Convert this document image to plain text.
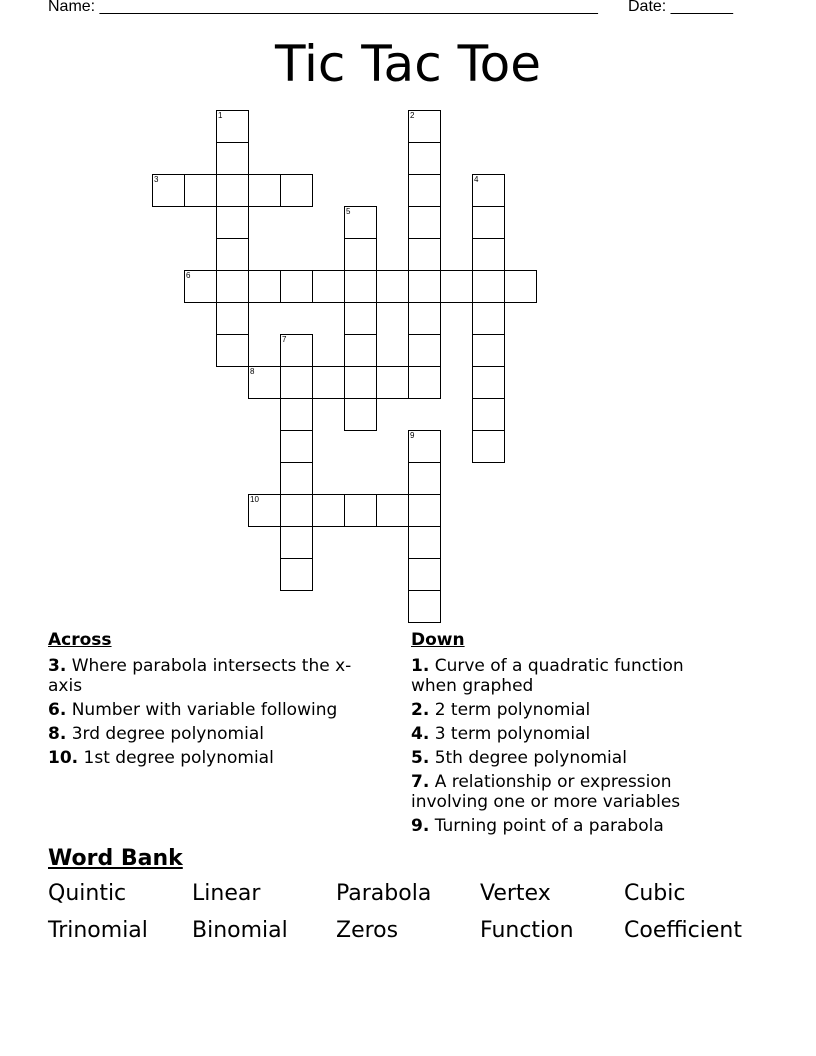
Name: ________________________________________________________ Date: _______
Tic Tac Toe
1	2
3	4
5
6
7
8
9
10
Across
3. Where parabola intersects the x-axis
6. Number with variable following
8. 3rd degree polynomial
10. 1st degree polynomial
Down
1. Curve of a quadratic function when graphed
2. 2 term polynomial
4. 3 term polynomial
5. 5th degree polynomial
7. A relationship or expression involving one or more variables
9. Turning point of a parabola
Word Bank
Quintic	Linear	Parabola	Vertex	Cubic
Trinomial	Binomial	Zeros	Function	Coefficient
